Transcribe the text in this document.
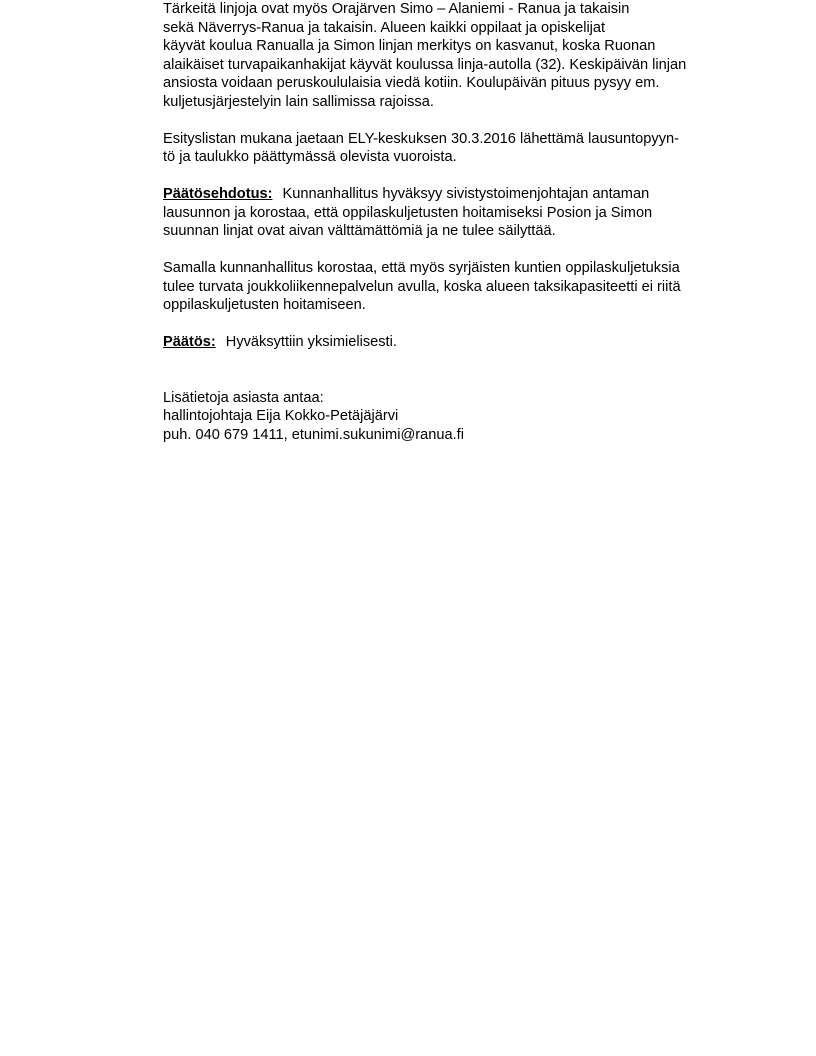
Tärkeitä linjoja ovat myös Orajärven Simo – Alaniemi - Ranua ja takaisin
sekä Näverrys-Ranua ja takaisin. Alueen kaikki oppilaat ja opiskelijat
käyvät koulua Ranualla ja Simon linjan merkitys on kasvanut, koska Ruonan
alaikäiset turvapaikanhakijat käyvät koulussa linja-autolla (32). Keskipäivän linjan
ansiosta voidaan peruskoululaisia viedä kotiin. Koulupäivän pituus pysyy em.
kuljetusjärjestelyin lain sallimissa rajoissa.
Esityslistan mukana jaetaan ELY-keskuksen 30.3.2016 lähettämä lausuntopyyn-
tö ja taulukko päättymässä olevista vuoroista.
Päätösehdotus: Kunnanhallitus hyväksyy sivistystoimenjohtajan antaman
lausunnon ja korostaa, että oppilaskuljetusten hoitamiseksi Posion ja Simon
suunnan linjat ovat aivan välttämättömiä ja ne tulee säilyttää.
Samalla kunnanhallitus korostaa, että myös syrjäisten kuntien oppilaskuljetuksia
tulee turvata joukkoliikennepalvelun avulla, koska alueen taksikapasiteetti ei riitä
oppilaskuljetusten hoitamiseen.
Päätös: Hyväksyttiin yksimielisesti.
Lisätietoja asiasta antaa:
hallintojohtaja Eija Kokko-Petäjäjärvi
puh. 040 679 1411, etunimi.sukunimi@ranua.fi
